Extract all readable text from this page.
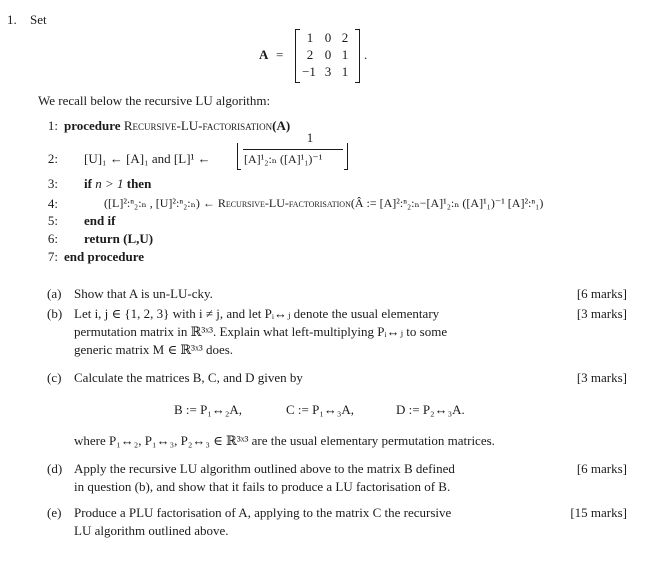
1. Set
A =
1 0 2
2 0 1
−1 3 1
.
We recall below the recursive LU algorithm:
1: procedure Recursive-LU-factorisation(A)
2: [U]₁ ← [A]₁ and [L]¹ ←
1
[A]¹₂:ₙ ([A]¹₁)⁻¹
3: if n > 1 then
4:	([L]²:ⁿ₂:ₙ , [U]²:ⁿ₂:ₙ) ← Recursive-LU-factorisation(Â := [A]²:ⁿ₂:ₙ−[A]¹₂:ₙ ([A]¹₁)⁻¹ [A]²:ⁿ₁)
5: end if
6: return (L,U)
7: end procedure
(a) Show that A is un-LU-cky.	[6 marks]
(b) Let i, j ∈ {1, 2, 3} with i ≠ j, and let Pᵢ↔ⱼ denote the usual elementary
permutation matrix in ℝ³ˣ³. Explain what left-multiplying Pᵢ↔ⱼ to some
generic matrix M ∈ ℝ³ˣ³ does.
[3 marks]
(c) Calculate the matrices B, C, and D given by	[3 marks]
B := P₁↔₂A,	C := P₁↔₃A,	D := P₂↔₃A.
where P₁↔₂, P₁↔₃, P₂↔₃ ∈ ℝ³ˣ³ are the usual elementary permutation matrices.
(d) Apply the recursive LU algorithm outlined above to the matrix B defined
in question (b), and show that it fails to produce a LU factorisation of B.
[6 marks]
(e) Produce a PLU factorisation of A, applying to the matrix C the recursive
LU algorithm outlined above.
[15 marks]
